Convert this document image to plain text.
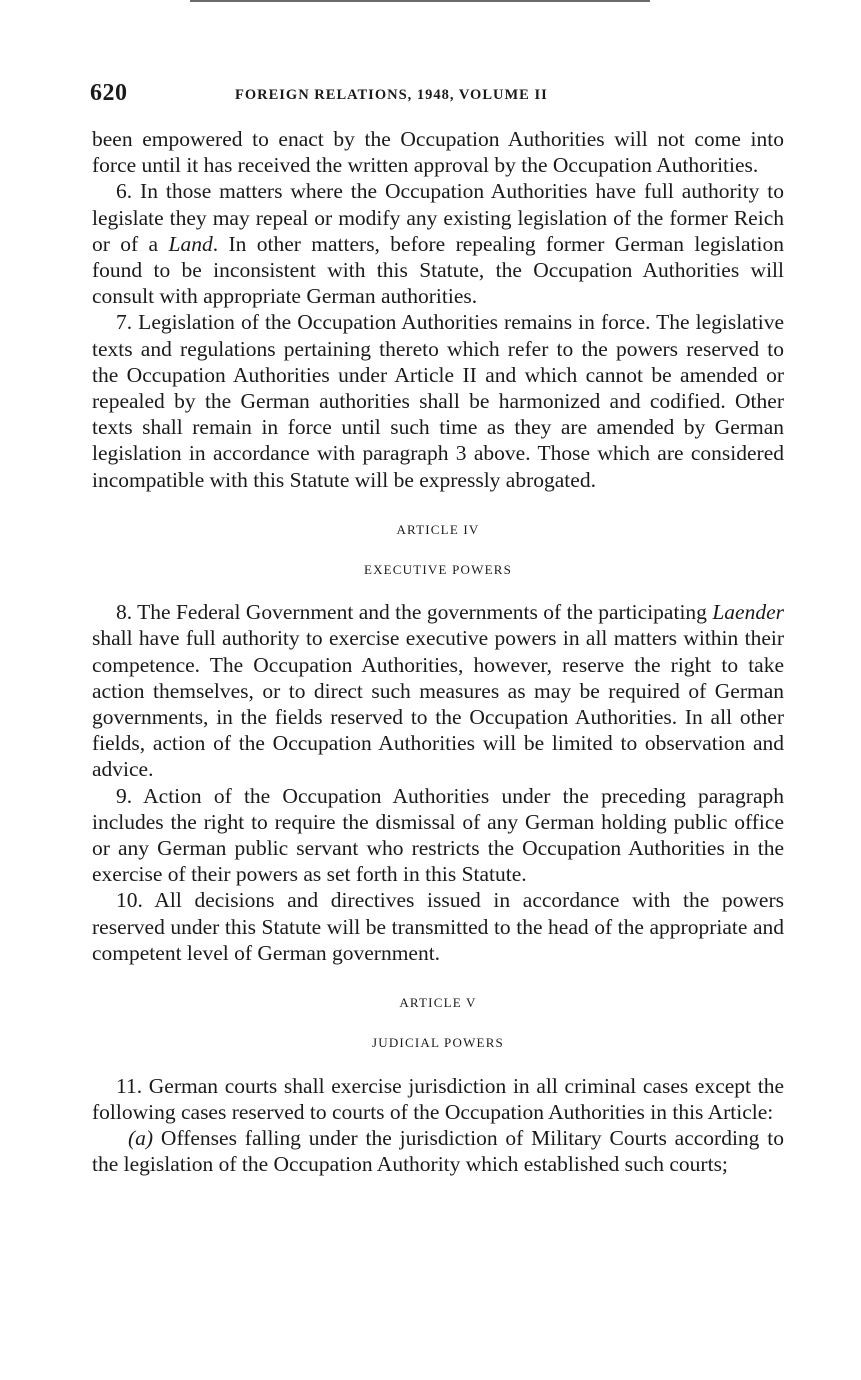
620	FOREIGN RELATIONS, 1948, VOLUME II

been empowered to enact by the Occupation Authorities will not come into force until it has received the written approval by the Occupation Authorities.

6. In those matters where the Occupation Authorities have full authority to legislate they may repeal or modify any existing legislation of the former Reich or of a Land. In other matters, before repealing former German legislation found to be inconsistent with this Statute, the Occupation Authorities will consult with appropriate German authorities.

7. Legislation of the Occupation Authorities remains in force. The legislative texts and regulations pertaining thereto which refer to the powers reserved to the Occupation Authorities under Article II and which cannot be amended or repealed by the German authorities shall be harmonized and codified. Other texts shall remain in force until such time as they are amended by German legislation in accordance with paragraph 3 above. Those which are considered incompatible with this Statute will be expressly abrogated.

ARTICLE IV
EXECUTIVE POWERS

8. The Federal Government and the governments of the participating Laender shall have full authority to exercise executive powers in all matters within their competence. The Occupation Authorities, however, reserve the right to take action themselves, or to direct such measures as may be required of German governments, in the fields reserved to the Occupation Authorities. In all other fields, action of the Occupation Authorities will be limited to observation and advice.

9. Action of the Occupation Authorities under the preceding paragraph includes the right to require the dismissal of any German holding public office or any German public servant who restricts the Occupation Authorities in the exercise of their powers as set forth in this Statute.

10. All decisions and directives issued in accordance with the powers reserved under this Statute will be transmitted to the head of the appropriate and competent level of German government.

ARTICLE V
JUDICIAL POWERS

11. German courts shall exercise jurisdiction in all criminal cases except the following cases reserved to courts of the Occupation Authorities in this Article:

(a) Offenses falling under the jurisdiction of Military Courts according to the legislation of the Occupation Authority which established such courts;
